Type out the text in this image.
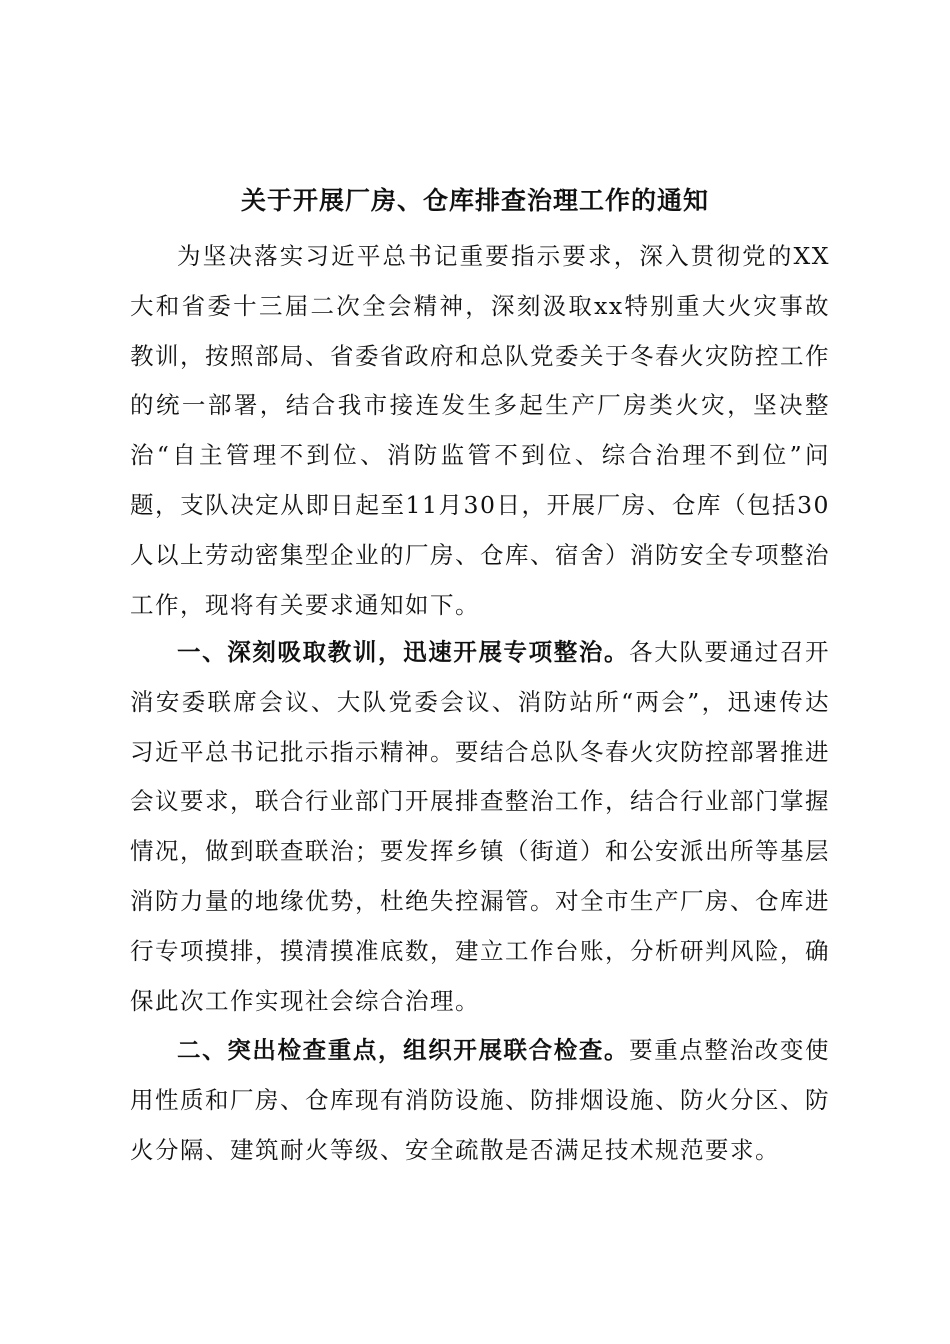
关于开展厂房、仓库排查治理工作的通知

为坚决落实习近平总书记重要指示要求，深入贯彻党的XX大和省委十三届二次全会精神，深刻汲取xx特别重大火灾事故教训，按照部局、省委省政府和总队党委关于冬春火灾防控工作的统一部署，结合我市接连发生多起生产厂房类火灾，坚决整治“自主管理不到位、消防监管不到位、综合治理不到位”问题，支队决定从即日起至11月30日，开展厂房、仓库（包括30人以上劳动密集型企业的厂房、仓库、宿舍）消防安全专项整治工作，现将有关要求通知如下。

一、深刻吸取教训，迅速开展专项整治。各大队要通过召开消安委联席会议、大队党委会议、消防站所“两会”，迅速传达习近平总书记批示指示精神。要结合总队冬春火灾防控部署推进会议要求，联合行业部门开展排查整治工作，结合行业部门掌握情况，做到联查联治；要发挥乡镇（街道）和公安派出所等基层消防力量的地缘优势，杜绝失控漏管。对全市生产厂房、仓库进行专项摸排，摸清摸准底数，建立工作台账，分析研判风险，确保此次工作实现社会综合治理。

二、突出检查重点，组织开展联合检查。要重点整治改变使用性质和厂房、仓库现有消防设施、防排烟设施、防火分区、防火分隔、建筑耐火等级、安全疏散是否满足技术规范要求。
